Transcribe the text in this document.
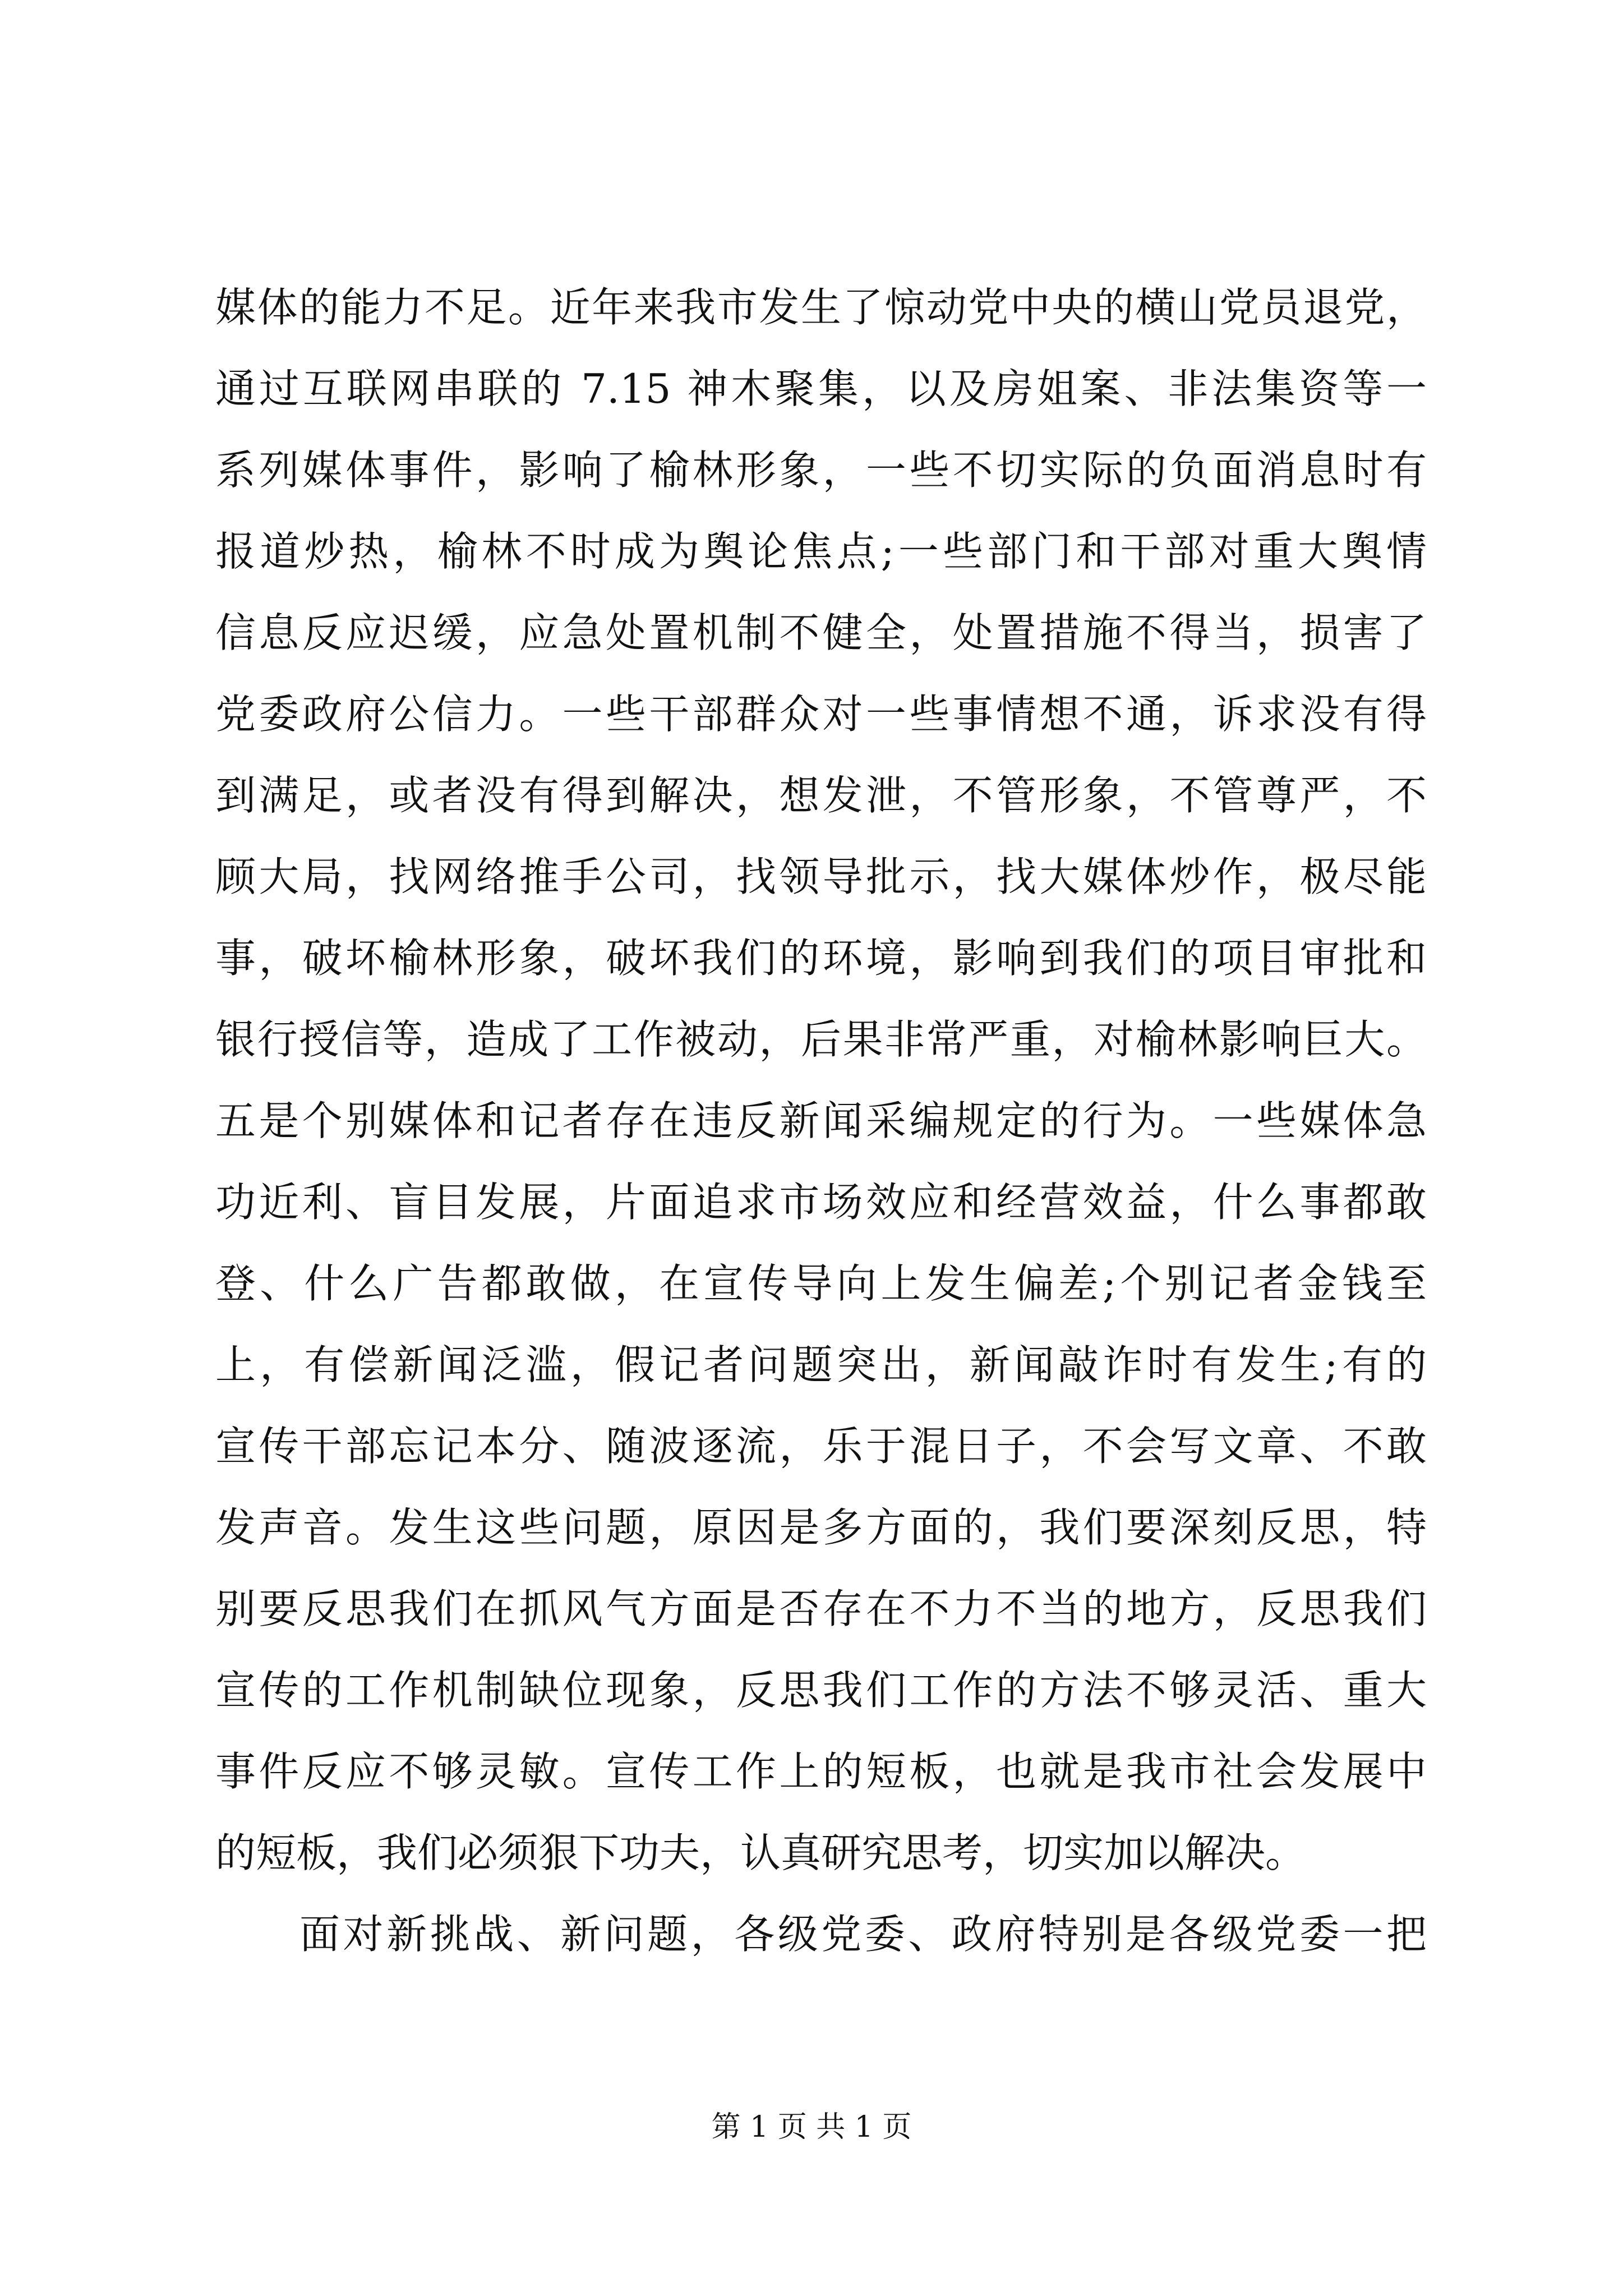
媒体的能力不足。近年来我市发生了惊动党中央的横山党员退党，
通过互联网串联的 7.15 神木聚集，以及房姐案、非法集资等一
系列媒体事件，影响了榆林形象，一些不切实际的负面消息时有
报道炒热，榆林不时成为舆论焦点;一些部门和干部对重大舆情
信息反应迟缓，应急处置机制不健全，处置措施不得当，损害了
党委政府公信力。一些干部群众对一些事情想不通，诉求没有得
到满足，或者没有得到解决，想发泄，不管形象，不管尊严，不
顾大局，找网络推手公司，找领导批示，找大媒体炒作，极尽能
事，破坏榆林形象，破坏我们的环境，影响到我们的项目审批和
银行授信等，造成了工作被动，后果非常严重，对榆林影响巨大。
五是个别媒体和记者存在违反新闻采编规定的行为。一些媒体急
功近利、盲目发展，片面追求市场效应和经营效益，什么事都敢
登、什么广告都敢做，在宣传导向上发生偏差;个别记者金钱至
上，有偿新闻泛滥，假记者问题突出，新闻敲诈时有发生;有的
宣传干部忘记本分、随波逐流，乐于混日子，不会写文章、不敢
发声音。发生这些问题，原因是多方面的，我们要深刻反思，特
别要反思我们在抓风气方面是否存在不力不当的地方，反思我们
宣传的工作机制缺位现象，反思我们工作的方法不够灵活、重大
事件反应不够灵敏。宣传工作上的短板，也就是我市社会发展中
的短板，我们必须狠下功夫，认真研究思考，切实加以解决。
面对新挑战、新问题，各级党委、政府特别是各级党委一把
第 1 页 共 1 页
